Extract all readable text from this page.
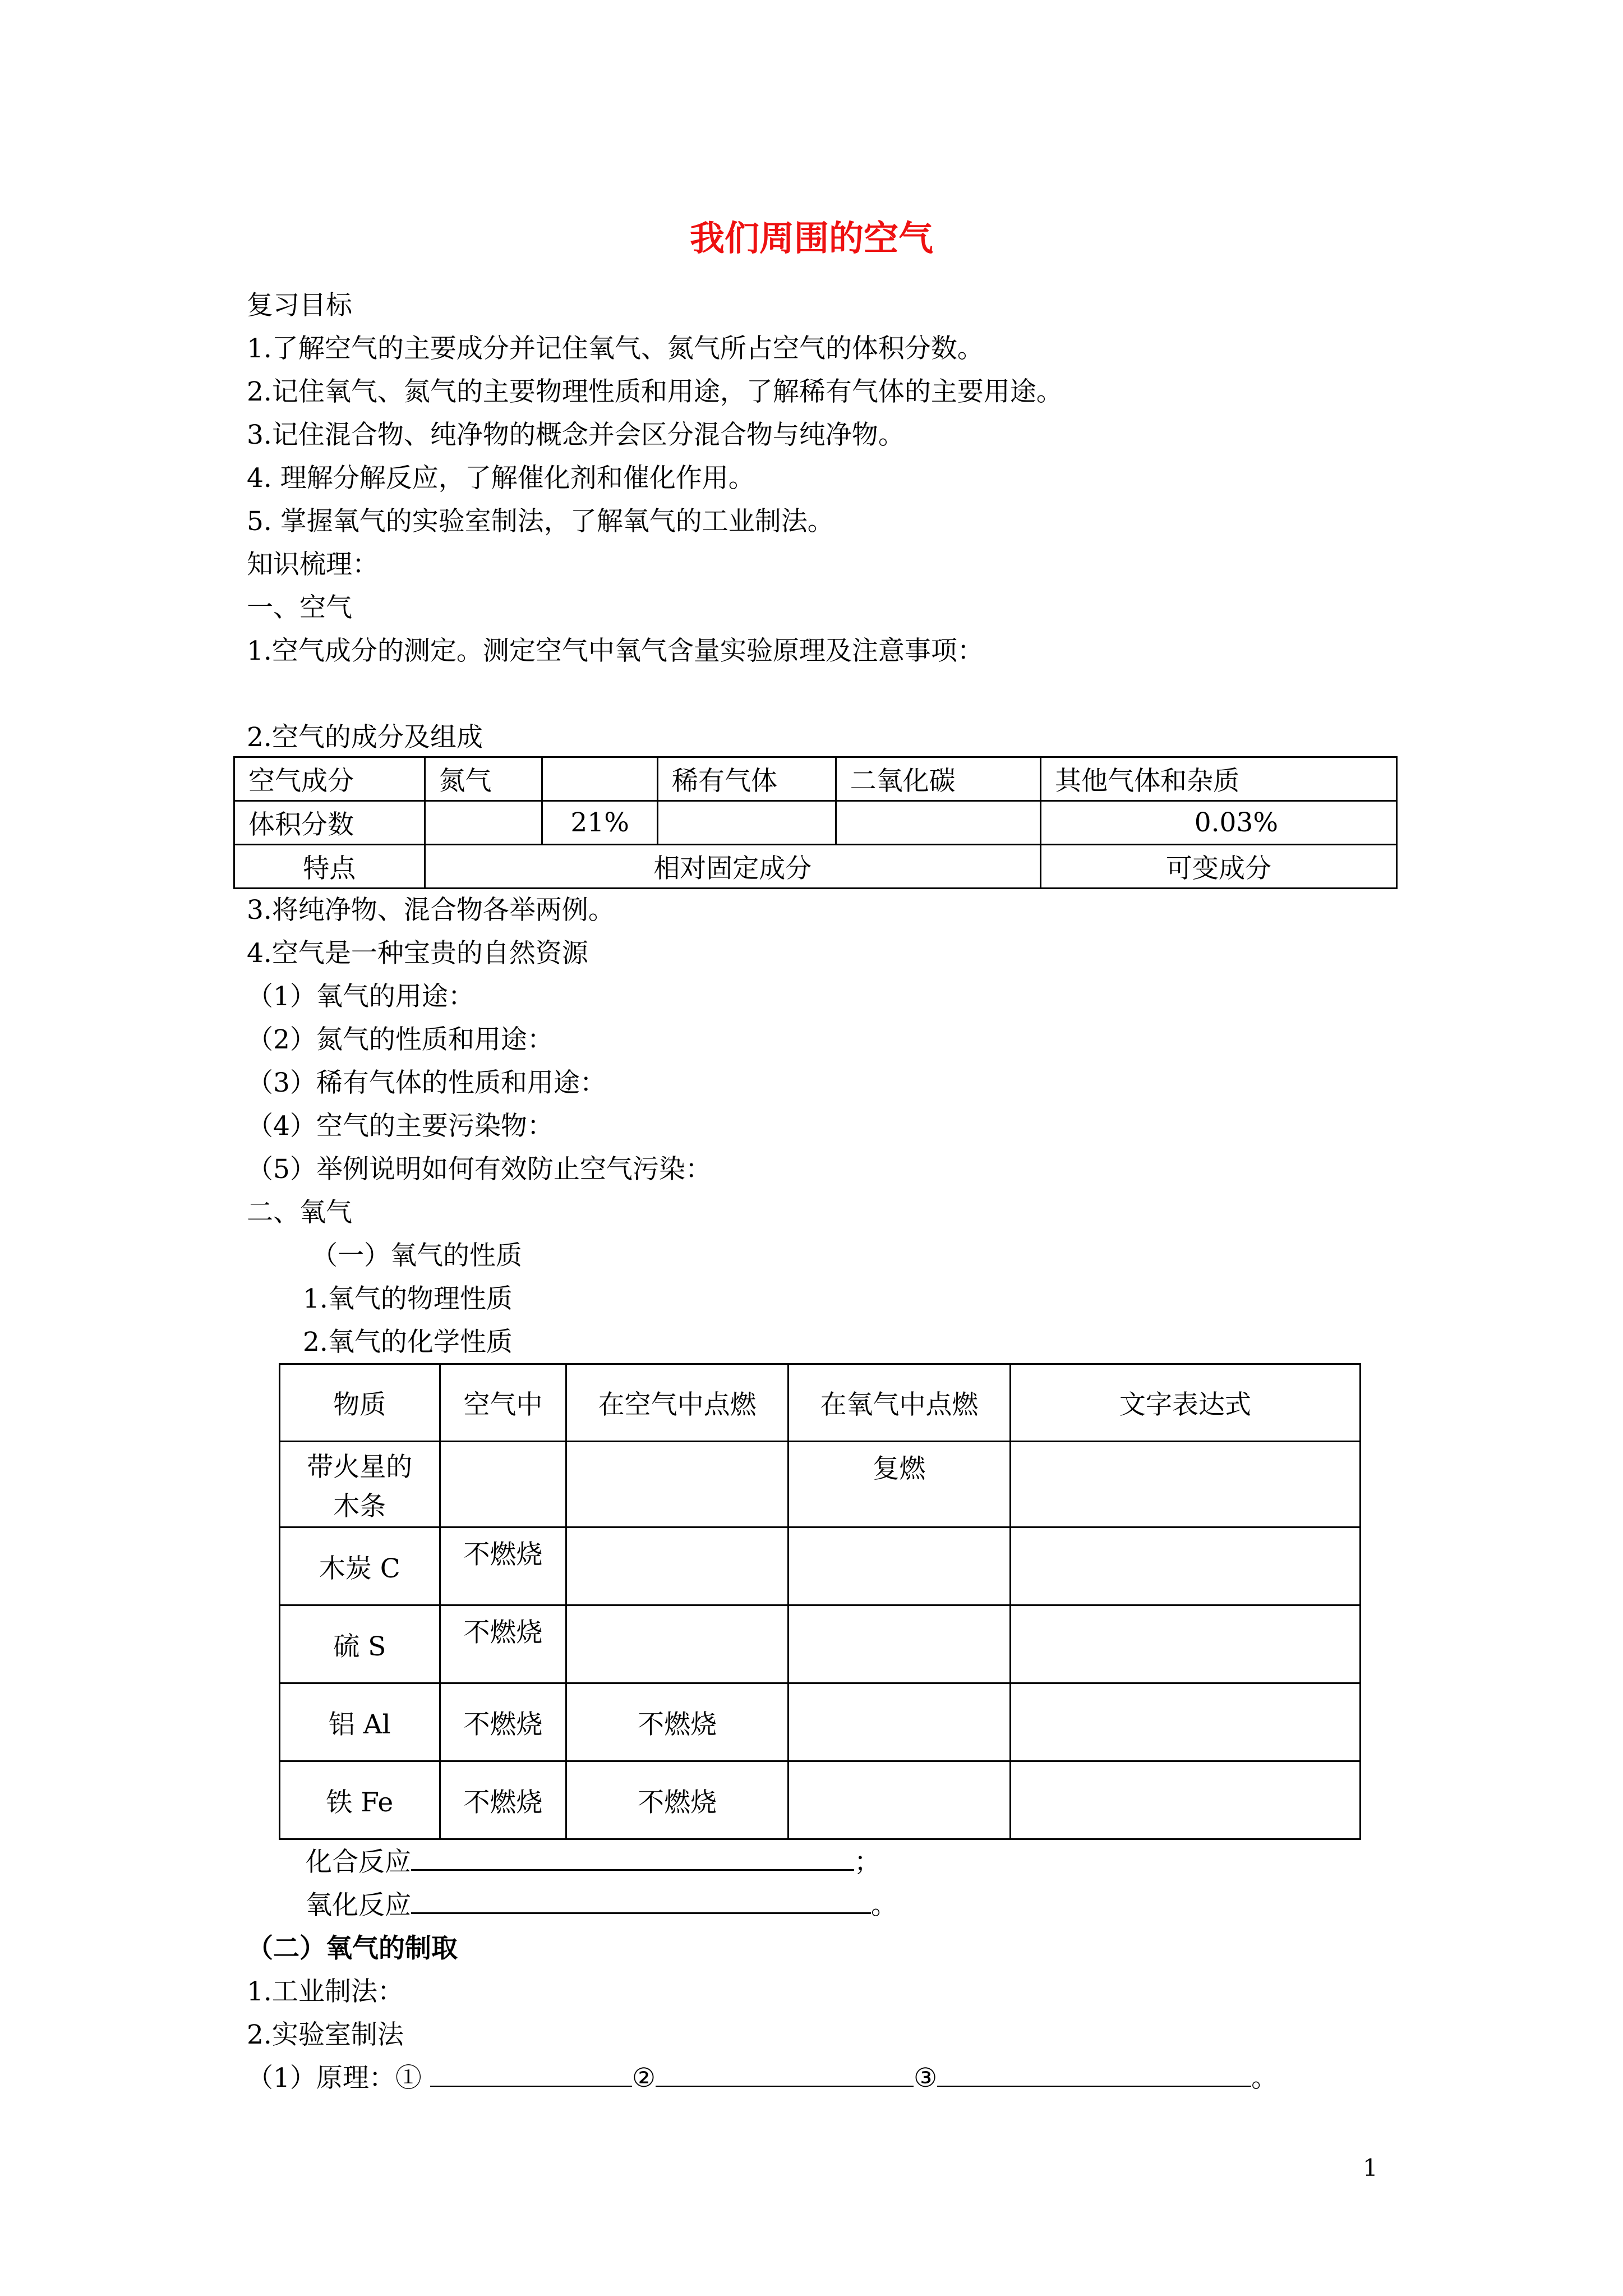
我们周围的空气
复习目标
1.了解空气的主要成分并记住氧气、氮气所占空气的体积分数。
2.记住氧气、氮气的主要物理性质和用途，了解稀有气体的主要用途。
3.记住混合物、纯净物的概念并会区分混合物与纯净物。
4. 理解分解反应，了解催化剂和催化作用。
5. 掌握氧气的实验室制法，了解氧气的工业制法。
知识梳理：
一、空气
1.空气成分的测定。测定空气中氧气含量实验原理及注意事项：
2.空气的成分及组成
空气成分	氮气		稀有气体	二氧化碳	其他气体和杂质
体积分数		21%			0.03%
特点	相对固定成分				可变成分
3.将纯净物、混合物各举两例。
4.空气是一种宝贵的自然资源
（1）氧气的用途：
（2）氮气的性质和用途：
（3）稀有气体的性质和用途：
（4）空气的主要污染物：
（5）举例说明如何有效防止空气污染：
二、氧气
（一）氧气的性质
1.氧气的物理性质
2.氧气的化学性质
物质	空气中	在空气中点燃	在氧气中点燃	文字表达式
带火星的木条			复燃	
木炭 C	不燃烧			
硫 S	不燃烧			
铝 Al	不燃烧	不燃烧		
铁 Fe	不燃烧	不燃烧		
化合反应	；
氧化反应	。
（二）氧气的制取
1.工业制法：
2.实验室制法
（1）原理：①	②	③	。
1
